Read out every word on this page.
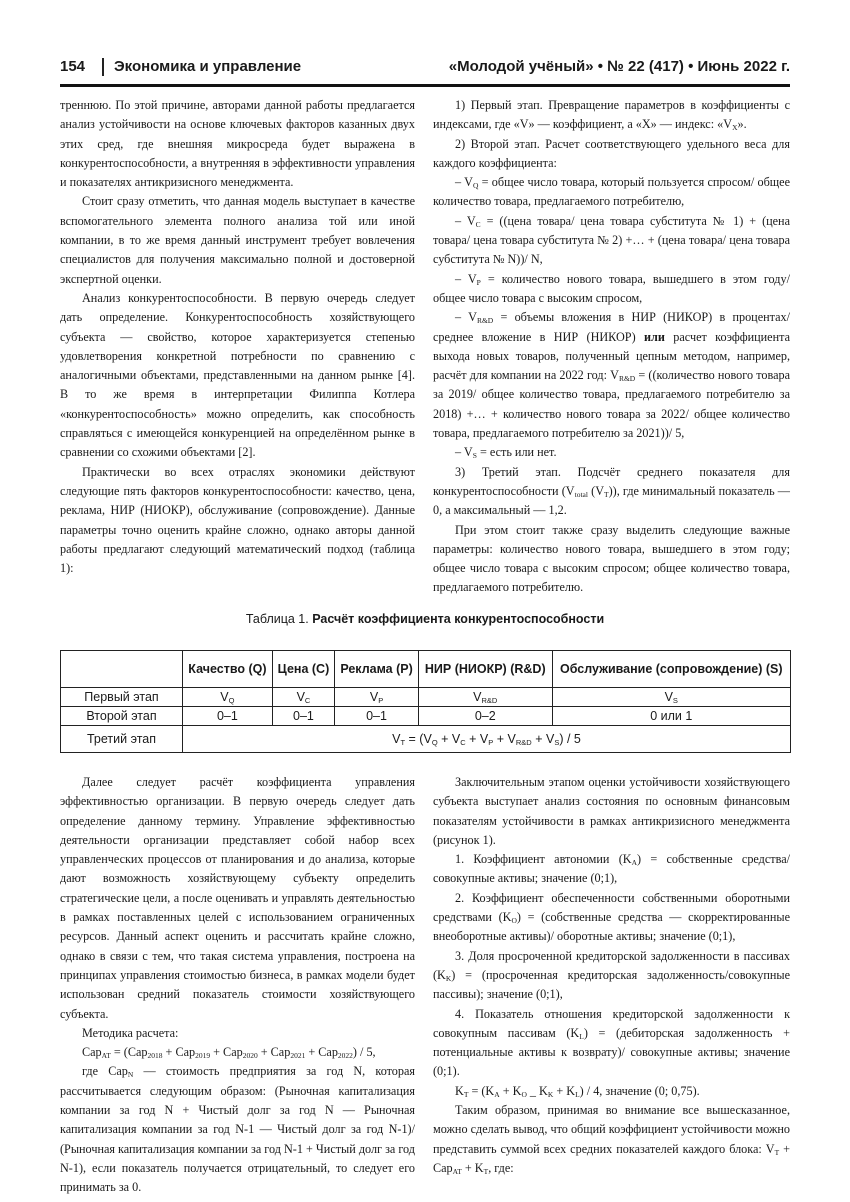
154 Экономика и управление	«Молодой учёный» • № 22 (417) • Июнь 2022 г.

треннюю. По этой причине, авторами данной работы предлагается анализ устойчивости на основе ключевых факторов казанных двух этих сред, где внешняя микросреда будет выражена в конкурентоспособности, а внутренняя в эффективности управления и показателях антикризисного менеджмента.

Стоит сразу отметить, что данная модель выступает в качестве вспомогательного элемента полного анализа той или иной компании, в то же время данный инструмент требует вовлечения специалистов для получения максимально полной и достоверной экспертной оценки.

Анализ конкурентоспособности. В первую очередь следует дать определение. Конкурентоспособность хозяйствующего субъекта — свойство, которое характеризуется степенью удовлетворения конкретной потребности по сравнению с аналогичными объектами, представленными на данном рынке [4]. В то же время в интерпретации Филиппа Котлера «конкурентоспособность» можно определить, как способность справляться с имеющейся конкуренцией на определённом рынке в сравнении со схожими объектами [2].

Практически во всех отраслях экономики действуют следующие пять факторов конкурентоспособности: качество, цена, реклама, НИР (НИОКР), обслуживание (сопровождение). Данные параметры точно оценить крайне сложно, однако авторы данной работы предлагают следующий математический подход (таблица 1):

1) Первый этап. Превращение параметров в коэффициенты с индексами, где «V» — коэффициент, а «X» — индекс: «$V_X$».

2) Второй этап. Расчет соответствующего удельного веса для каждого коэффициента:

– $V_Q$ = общее число товара, который пользуется спросом/ общее количество товара, предлагаемого потребителю,

– $V_C$ = ((цена товара/ цена товара субститута № 1) + (цена товара/ цена товара субститута № 2) +… + (цена товара/ цена товара субститута № N))/ N,

– $V_P$ = количество нового товара, вышедшего в этом году/ общее число товара с высоким спросом,

– $V_{R\&D}$ = объемы вложения в НИР (НИКОР) в процентах/ среднее вложение в НИР (НИКОР) или расчет коэффициента выхода новых товаров, полученный цепным методом, например, расчёт для компании на 2022 год: $V_{R\&D}$ = ((количество нового товара за 2019/ общее количество товара, предлагаемого потребителю за 2018) +… + количество нового товара за 2022/ общее количество товара, предлагаемого потребителю за 2021))/ 5,

– $V_S$ = есть или нет.

3) Третий этап. Подсчёт среднего показателя для конкурентоспособности ($V_{total}$ $(V_T)$), где минимальный показатель — 0, а максимальный — 1,2.

При этом стоит также сразу выделить следующие важные параметры: количество нового товара, вышедшего в этом году; общее число товара с высоким спросом; общее количество товара, предлагаемого потребителю.

Таблица 1. Расчёт коэффициента конкурентоспособности
	Качество (Q)	Цена (C)	Реклама (P)	НИР (НИОКР) (R&D)	Обслуживание (сопровождение) (S)
Первый этап	$V_Q$	$V_C$	$V_P$	$V_{R\&D}$	$V_S$
Второй этап	0–1	0–1	0–1	0–2	0 или 1
Третий этап	$V_T = (V_Q + V_C + V_P + V_{R\&D} + V_S) / 5$				

Далее следует расчёт коэффициента управления эффективностью организации. В первую очередь следует дать определение данному термину. Управление эффективностью деятельности организации представляет собой набор всех управленческих процессов от планирования и до анализа, которые дают возможность хозяйствующему субъекту определить стратегические цели, а после оценивать и управлять деятельностью в рамках поставленных целей с использованием ограниченных ресурсов. Данный аспект оценить и рассчитать крайне сложно, однако в связи с тем, что такая система управления, построена на принципах управления стоимостью бизнеса, в рамках модели будет использован средний показатель стоимости хозяйствующего субъекта.

Методика расчета:

Cap$_{AT}$ = (Cap$_{2018}$ + Cap$_{2019}$ + Cap$_{2020}$ + Cap$_{2021}$ + Cap$_{2022}$) / 5,

где Cap$_N$ — стоимость предприятия за год N, которая рассчитывается следующим образом: (Рыночная капитализация компании за год N + Чистый долг за год N — Рыночная капитализация компании за год N-1 — Чистый долг за год N-1)/ (Рыночная капитализация компании за год N-1 + Чистый долг за год N-1), если показатель получается отрицательный, то следует его принимать за 0.

Заключительным этапом оценки устойчивости хозяйствующего субъекта выступает анализ состояния по основным финансовым показателям устойчивости в рамках антикризисного менеджмента (рисунок 1).

1. Коэффициент автономии $(K_A)$ = собственные средства/ совокупные активы; значение (0;1),

2. Коэффициент обеспеченности собственными оборотными средствами $(K_O)$ = (собственные средства — скорректированные внеоборотные активы)/ оборотные активы; значение (0;1),

3. Доля просроченной кредиторской задолженности в пассивах $(K_K)$ = (просроченная кредиторская задолженность/совокупные пассивы); значение (0;1),

4. Показатель отношения кредиторской задолженности к совокупным пассивам $(K_L)$ = (дебиторская задолженность + потенциальные активы к возврату)/ совокупные активы; значение (0;1).

$K_T = (K_A + K_O$ _ $K_K + K_L) / 4$, значение (0; 0,75).

Таким образом, принимая во внимание все вышесказанное, можно сделать вывод, что общий коэффициент устойчивости можно представить суммой всех средних показателей каждого блока: $V_T + Cap_{AT} + K_T$, где:
